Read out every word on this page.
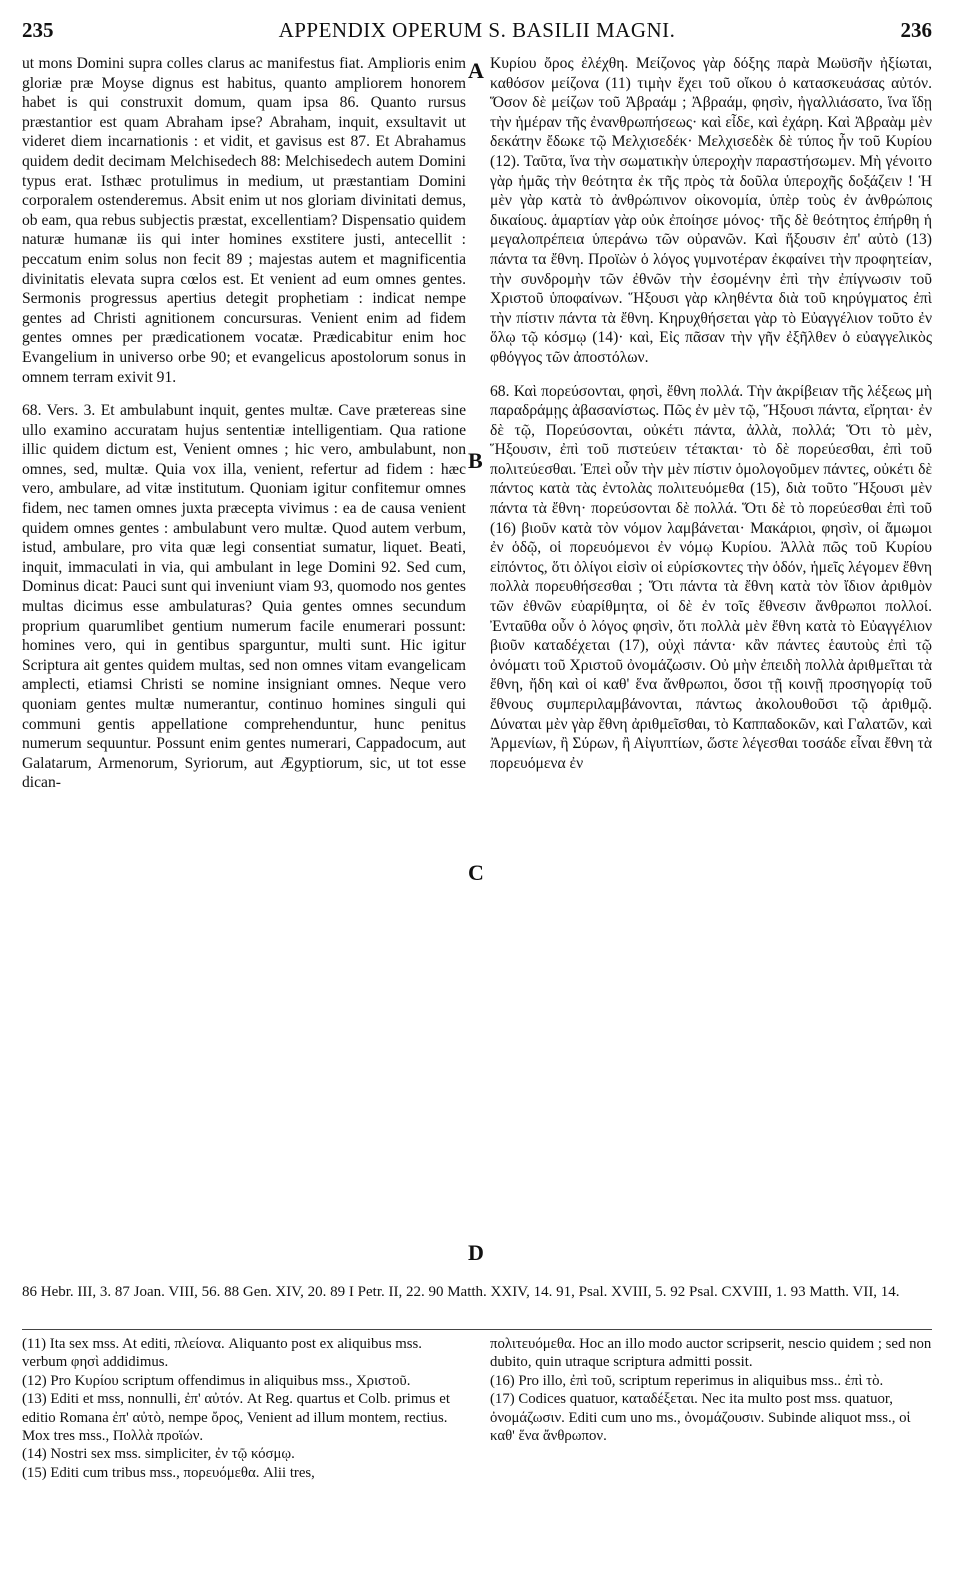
235	APPENDIX OPERUM S. BASILII MAGNI.	236

ut mons Domini supra colles clarus ac manifestus fiat. Amplioris enim gloriæ præ Moyse dignus est habitus, quanto ampliorem honorem habet is qui construxit domum, quam ipsa 86. Quanto rursus præstantior est quam Abraham ipse? Abraham, inquit, exsultavit ut videret diem incarnationis : et vidit, et gavisus est 87. Et Abrahamus quidem dedit decimam Melchisedech 88: Melchisedech autem Domini typus erat. Isthæc protulimus in medium, ut præstantiam Domini corporalem ostenderemus. Absit enim ut nos gloriam divinitati demus, ob eam, qua rebus subjectis præstat, excellentiam? Dispensatio quidem naturæ humanæ iis qui inter homines exstitere justi, antecellit : peccatum enim solus non fecit 89 ; majestas autem et magnificentia divinitatis elevata supra cœlos est. Et venient ad eum omnes gentes. Sermonis progressus apertius detegit prophetiam : indicat nempe gentes ad Christi agnitionem concursuras. Venient enim ad fidem gentes omnes per prædicationem vocatæ. Prædicabitur enim hoc Evangelium in universo orbe 90; et evangelicus apostolorum sonus in omnem terram exivit 91.

68. Vers. 3. Et ambulabunt inquit, gentes multæ. Cave prætereas sine ullo examino accuratam hujus sententiæ intelligentiam. Qua ratione illic quidem dictum est, Venient omnes ; hic vero, ambulabunt, non omnes, sed, multæ. Quia vox illa, venient, refertur ad fidem : hæc vero, ambulare, ad vitæ institutum. Quoniam igitur confitemur omnes fidem, nec tamen omnes juxta præcepta vivimus : ea de causa venient quidem omnes gentes : ambulabunt vero multæ. Quod autem verbum, istud, ambulare, pro vita quæ legi consentiat sumatur, liquet. Beati, inquit, immaculati in via, qui ambulant in lege Domini 92. Sed cum, Dominus dicat: Pauci sunt qui inveniunt viam 93, quomodo nos gentes multas dicimus esse ambulaturas? Quia gentes omnes secundum proprium quarumlibet gentium numerum facile enumerari possunt: homines vero, qui in gentibus sparguntur, multi sunt. Hic igitur Scriptura ait gentes quidem multas, sed non omnes vitam evangelicam amplecti, etiamsi Christi se nomine insigniant omnes. Neque vero quoniam gentes multæ numerantur, continuo homines singuli qui communi gentis appellatione comprehenduntur, hunc penitus numerum sequuntur. Possunt enim gentes numerari, Cappadocum, aut Galatarum, Armenorum, Syriorum, aut Ægyptiorum, sic, ut tot esse dican-

A
B
C
D

Κυρίου ὄρος ἐλέχθη. Μείζονος γὰρ δόξης παρὰ Μωϋσῆν ἠξίωται, καθόσον μείζονα (11) τιμὴν ἔχει τοῦ οἴκου ὁ κατασκευάσας αὐτόν. Ὅσον δὲ μείζων τοῦ Ἀβραάμ ; Ἀβραάμ, φησὶν, ἠγαλλιάσατο, ἵνα ἴδῃ τὴν ἡμέραν τῆς ἐνανθρωπήσεως· καὶ εἶδε, καὶ ἐχάρη. Καὶ Ἀβραὰμ μὲν δεκάτην ἔδωκε τῷ Μελχισεδέκ· Μελχισεδὲκ δὲ τύπος ἦν τοῦ Κυρίου (12). Ταῦτα, ἵνα τὴν σωματικὴν ὑπεροχὴν παραστήσωμεν. Μὴ γένοιτο γὰρ ἡμᾶς τὴν θεότητα ἐκ τῆς πρὸς τὰ δοῦλα ὑπεροχῆς δοξάζειν ! Ἡ μὲν γὰρ κατὰ τὸ ἀνθρώπινον οἰκονομία, ὑπὲρ τοὺς ἐν ἀνθρώποις δικαίους. ἁμαρτίαν γὰρ οὐκ ἐποίησε μόνος· τῆς δὲ θεότητος ἐπήρθη ἡ μεγαλοπρέπεια ὑπεράνω τῶν οὐρανῶν. Καὶ ἥξουσιν ἐπ' αὐτὸ (13) πάντα τα ἔθνη. Προϊὼν ὁ λόγος γυμνοτέραν ἐκφαίνει τὴν προφητείαν, τὴν συνδρομὴν τῶν ἐθνῶν τὴν ἐσομένην ἐπὶ τὴν ἐπίγνωσιν τοῦ Χριστοῦ ὑποφαίνων. Ἥξουσι γὰρ κληθέντα διὰ τοῦ κηρύγματος ἐπὶ τὴν πίστιν πάντα τὰ ἔθνη. Κηρυχθήσεται γὰρ τὸ Εὐαγγέλιον τοῦτο ἐν ὅλῳ τῷ κόσμῳ (14)· καὶ, Εἰς πᾶσαν τὴν γῆν ἐξῆλθεν ὁ εὐαγγελικὸς φθόγγος τῶν ἀποστόλων.

68. Καὶ πορεύσονται, φησὶ, ἔθνη πολλά. Τὴν ἀκρίβειαν τῆς λέξεως μὴ παραδράμῃς ἀβασανίστως. Πῶς ἐν μὲν τῷ, Ἥξουσι πάντα, εἴρηται· ἐν δὲ τῷ, Πορεύσονται, οὐκέτι πάντα, ἀλλὰ, πολλά; Ὅτι τὸ μὲν, Ἥξουσιν, ἐπὶ τοῦ πιστεύειν τέτακται· τὸ δὲ πορεύεσθαι, ἐπὶ τοῦ πολιτεύεσθαι. Ἐπεὶ οὖν τὴν μὲν πίστιν ὁμολογοῦμεν πάντες, οὐκέτι δὲ πάντος κατὰ τὰς ἐντολὰς πολιτευόμεθα (15), διὰ τοῦτο Ἥξουσι μὲν πάντα τὰ ἔθνη· πορεύσονται δὲ πολλά. Ὅτι δὲ τὸ πορεύεσθαι ἐπὶ τοῦ (16) βιοῦν κατὰ τὸν νόμον λαμβάνεται· Μακάριοι, φησὶν, οἱ ἄμωμοι ἐν ὁδῷ, οἱ πορευόμενοι ἐν νόμῳ Κυρίου. Ἀλλὰ πῶς τοῦ Κυρίου εἰπόντος, ὅτι ὀλίγοι εἰσὶν οἱ εὑρίσκοντες τὴν ὁδόν, ἡμεῖς λέγομεν ἔθνη πολλὰ πορευθήσεσθαι ; Ὅτι πάντα τὰ ἔθνη κατὰ τὸν ἴδιον ἀριθμὸν τῶν ἐθνῶν εὐαρίθμητα, οἱ δὲ ἐν τοῖς ἔθνεσιν ἄνθρωποι πολλοί. Ἐνταῦθα οὖν ὁ λόγος φησὶν, ὅτι πολλὰ μὲν ἔθνη κατὰ τὸ Εὐαγγέλιον βιοῦν καταδέχεται (17), οὐχὶ πάντα· κἂν πάντες ἑαυτοὺς ἐπὶ τῷ ὀνόματι τοῦ Χριστοῦ ὀνομάζωσιν. Οὐ μὴν ἐπειδὴ πολλὰ ἀριθμεῖται τὰ ἔθνη, ἤδη καὶ οἱ καθ' ἕνα ἄνθρωποι, ὅσοι τῇ κοινῇ προσηγορίᾳ τοῦ ἔθνους συμπεριλαμβάνονται, πάντως ἀκολουθοῦσι τῷ ἀριθμῷ. Δύναται μὲν γὰρ ἔθνη ἀριθμεῖσθαι, τὸ Καππαδοκῶν, καὶ Γαλατῶν, καὶ Ἀρμενίων, ἢ Σύρων, ἢ Αἰγυπτίων, ὥστε λέγεσθαι τοσάδε εἶναι ἔθνη τὰ πορευόμενα ἐν

86 Hebr. III, 3. 87 Joan. VIII, 56. 88 Gen. XIV, 20. 89 I Petr. II, 22. 90 Matth. XXIV, 14. 91, Psal. XVIII, 5. 92 Psal. CXVIII, 1. 93 Matth. VII, 14.

(11) Ita sex mss. At editi, πλείονα. Aliquanto post ex aliquibus mss. verbum φησὶ addidimus.

(12) Pro Κυρίου scriptum offendimus in aliquibus mss., Χριστοῦ.

(13) Editi et mss, nonnulli, ἐπ' αὐτόν. At Reg. quartus et Colb. primus et editio Romana ἐπ' αὐτὸ, nempe ὄρος, Venient ad illum montem, rectius. Mox tres mss., Πολλὰ προϊών.

(14) Nostri sex mss. simpliciter, ἐν τῷ κόσμῳ.

(15) Editi cum tribus mss., πορευόμεθα. Alii tres,

πολιτευόμεθα. Hoc an illo modo auctor scripserit, nescio quidem ; sed non dubito, quin utraque scriptura admitti possit.

(16) Pro illo, ἐπὶ τοῦ, scriptum reperimus in aliquibus mss.. ἐπὶ τὸ.

(17) Codices quatuor, καταδέξεται. Nec ita multo post mss. quatuor, ὀνομάζωσιν. Editi cum uno ms., ὀνομάζουσιν. Subinde aliquot mss., οἱ καθ' ἕνα ἄνθρωπον.
